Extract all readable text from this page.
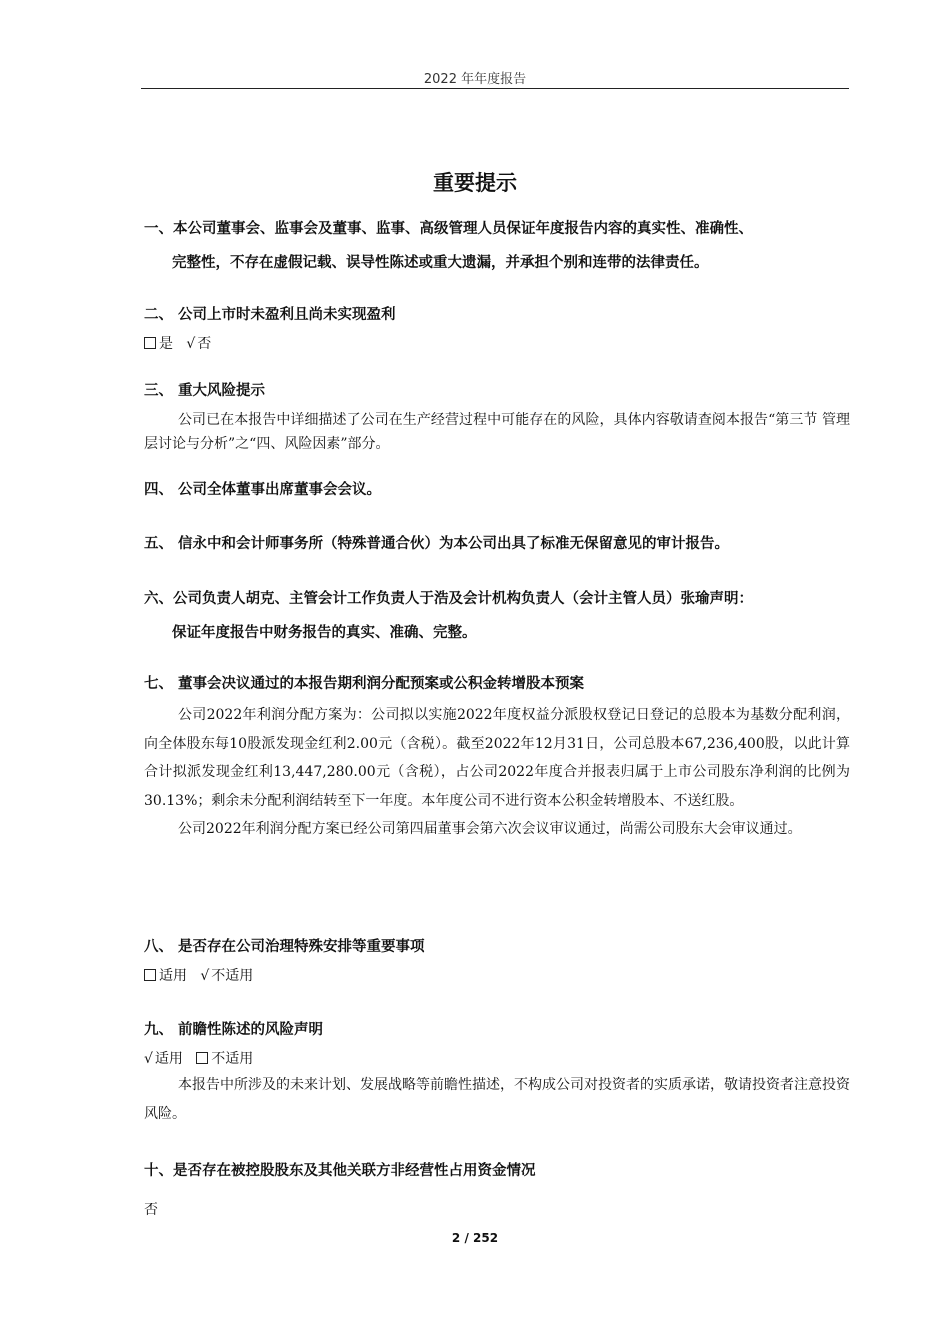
2022 年年度报告
重要提示

一、本公司董事会、监事会及董事、监事、高级管理人员保证年度报告内容的真实性、准确性、
完整性，不存在虚假记载、误导性陈述或重大遗漏，并承担个别和连带的法律责任。

二、 公司上市时未盈利且尚未实现盈利

是 √ 否

三、 重大风险提示

公司已在本报告中详细描述了公司在生产经营过程中可能存在的风险，具体内容敬请查阅本报告“第三节 管理层讨论与分析”之“四、风险因素”部分。

四、 公司全体董事出席董事会会议。

五、 信永中和会计师事务所（特殊普通合伙）为本公司出具了标准无保留意见的审计报告。

六、公司负责人胡克、主管会计工作负责人于浩及会计机构负责人（会计主管人员）张瑜声明：
保证年度报告中财务报告的真实、准确、完整。

七、 董事会决议通过的本报告期利润分配预案或公积金转增股本预案

公司2022年利润分配方案为：公司拟以实施2022年度权益分派股权登记日登记的总股本为基数分配利润，向全体股东每10股派发现金红利2.00元（含税）。截至2022年12月31日，公司总股本67,236,400股，以此计算合计拟派发现金红利13,447,280.00元（含税），占公司2022年度合并报表归属于上市公司股东净利润的比例为30.13%；剩余未分配利润结转至下一年度。本年度公司不进行资本公积金转增股本、不送红股。

公司2022年利润分配方案已经公司第四届董事会第六次会议审议通过，尚需公司股东大会审议通过。

八、 是否存在公司治理特殊安排等重要事项

适用 √ 不适用

九、 前瞻性陈述的风险声明

√ 适用 不适用

本报告中所涉及的未来计划、发展战略等前瞻性描述，不构成公司对投资者的实质承诺，敬请投资者注意投资风险。

十、是否存在被控股股东及其他关联方非经营性占用资金情况

否

2 / 252
